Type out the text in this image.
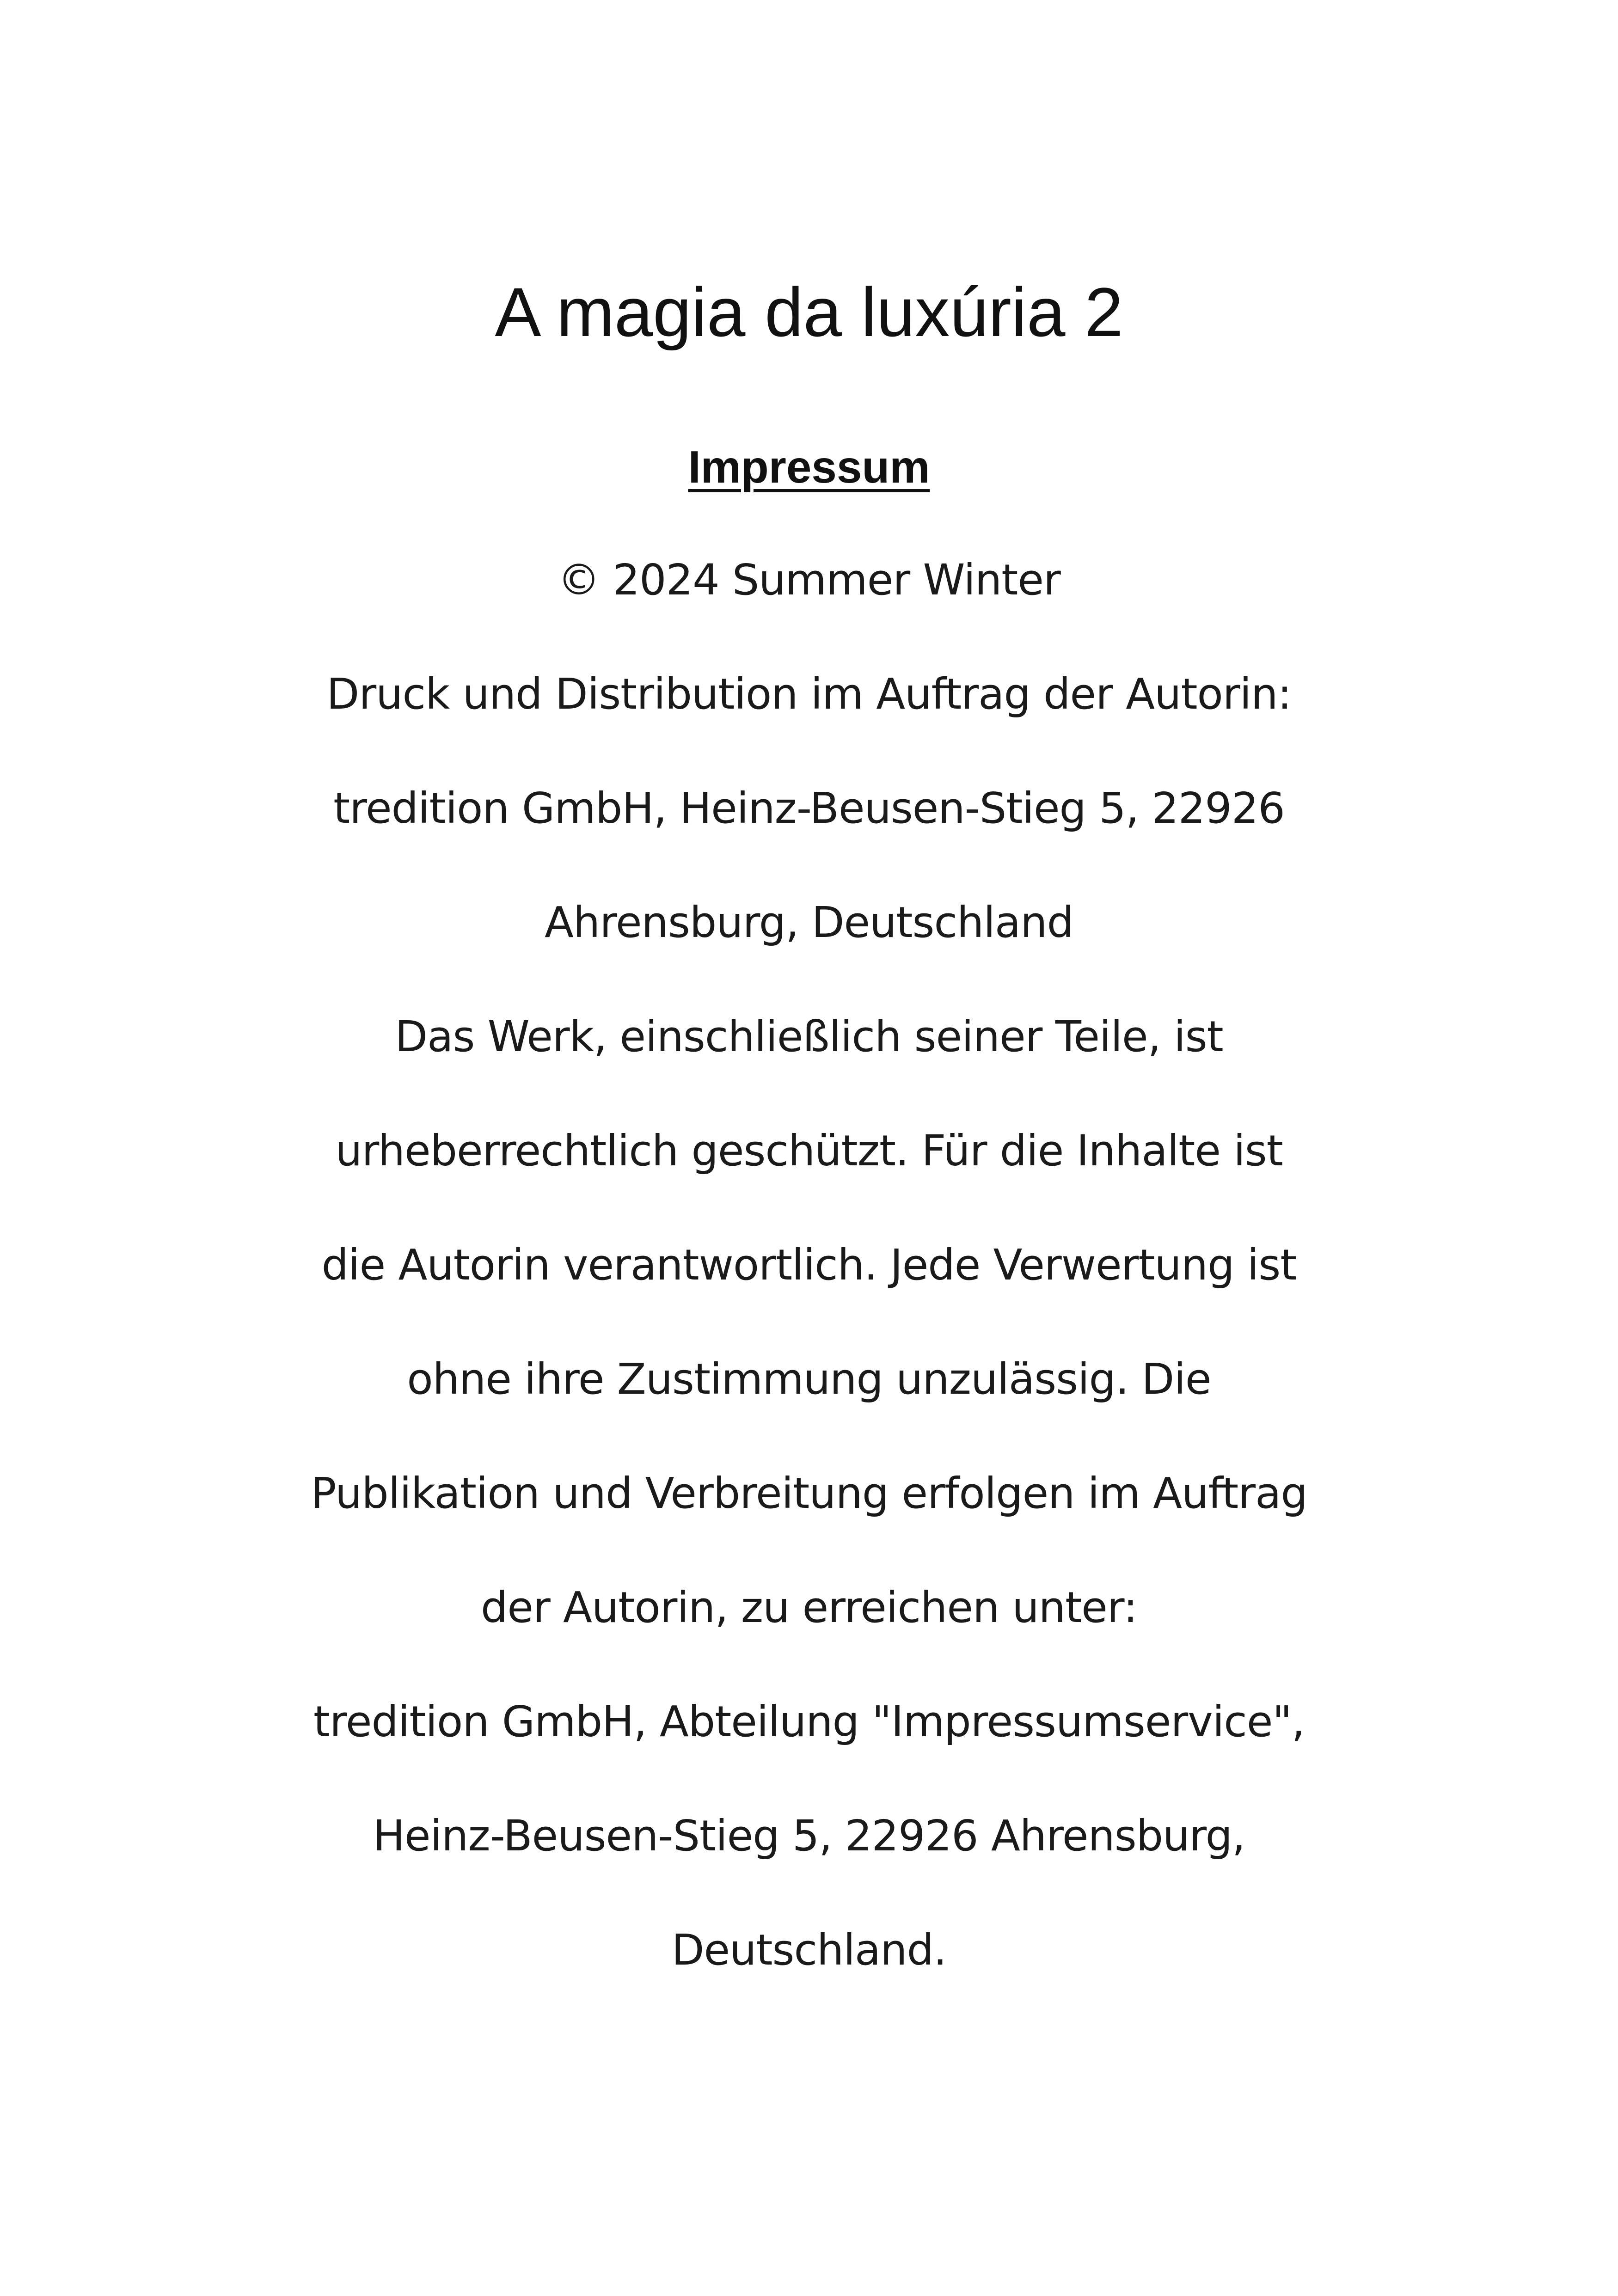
A magia da luxúria 2
Impressum
© 2024 Summer Winter
Druck und Distribution im Auftrag der Autorin:
tredition GmbH, Heinz-Beusen-Stieg 5, 22926
Ahrensburg, Deutschland
Das Werk, einschließlich seiner Teile, ist
urheberrechtlich geschützt. Für die Inhalte ist
die Autorin verantwortlich. Jede Verwertung ist
ohne ihre Zustimmung unzulässig. Die
Publikation und Verbreitung erfolgen im Auftrag
der Autorin, zu erreichen unter:
tredition GmbH, Abteilung "Impressumservice",
Heinz-Beusen-Stieg 5, 22926 Ahrensburg,
Deutschland.
